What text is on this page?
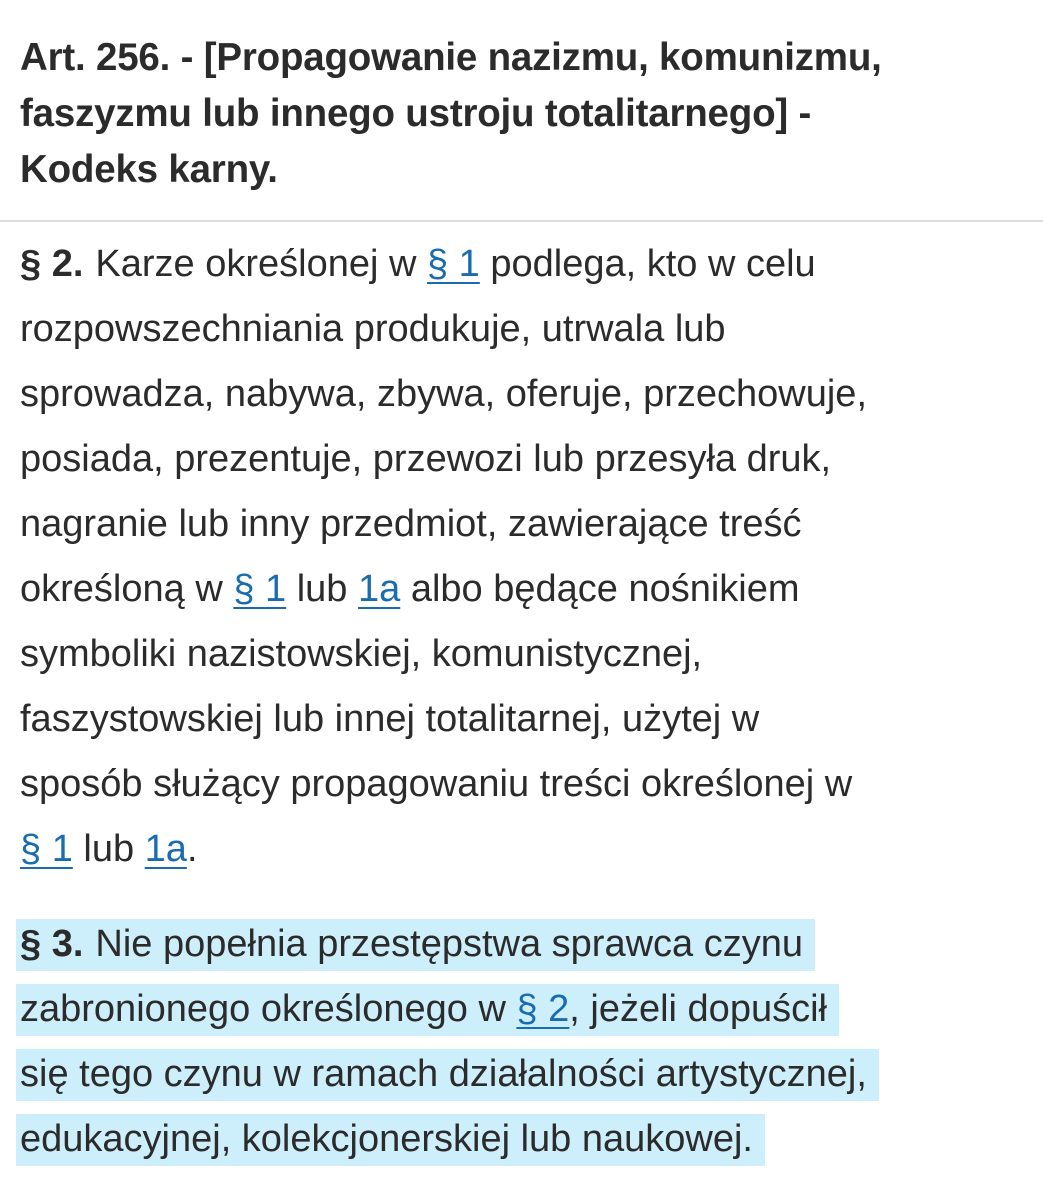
Art. 256. - [Propagowanie nazizmu, komunizmu,
faszyzmu lub innego ustroju totalitarnego] -
Kodeks karny.
§ 2. Karze określonej w § 1 podlega, kto w celu
rozpowszechniania produkuje, utrwala lub
sprowadza, nabywa, zbywa, oferuje, przechowuje,
posiada, prezentuje, przewozi lub przesyła druk,
nagranie lub inny przedmiot, zawierające treść
określoną w § 1 lub 1a albo będące nośnikiem
symboliki nazistowskiej, komunistycznej,
faszystowskiej lub innej totalitarnej, użytej w
sposób służący propagowaniu treści określonej w
§ 1 lub 1a.
§ 3. Nie popełnia przestępstwa sprawca czynu
zabronionego określonego w § 2, jeżeli dopuścił
się tego czynu w ramach działalności artystycznej,
edukacyjnej, kolekcjonerskiej lub naukowej.
